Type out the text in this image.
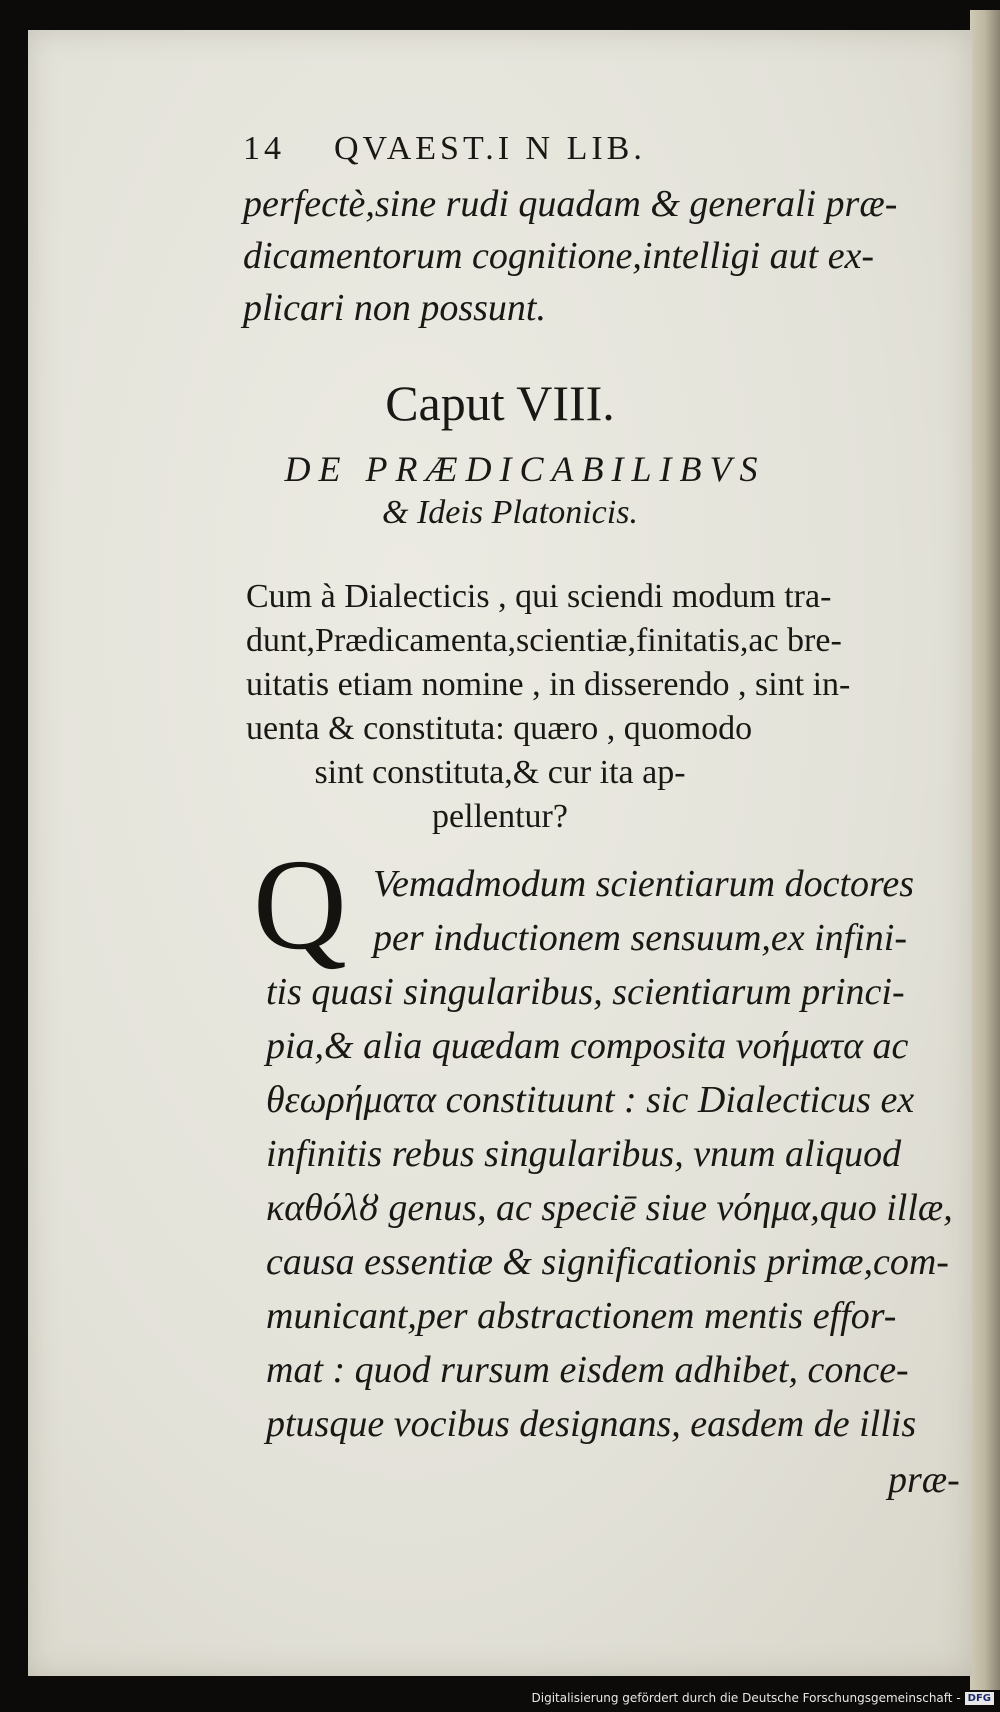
14 QVAEST.I N LIB.
perfectè,sine rudi quadam & generali præ-
dicamentorum cognitione,intelligi aut ex-
plicari non possunt.
Caput VIII.
DE PRÆDICABILIBVS
& Ideis Platonicis.
Cum à Dialecticis , qui sciendi modum tra-
dunt,Prædicamenta,scientiæ,finitatis,ac bre-
uitatis etiam nomine , in disserendo , sint in-
uenta & constituta: quæro , quomodo
sint constituta,& cur ita ap-
pellentur?
Q Vemadmodum scientiarum doctores
per inductionem sensuum,ex infini-
tis quasi singularibus, scientiarum princi-
pia,& alia quædam composita νοήματα ac
θεωρήματα constituunt : sic Dialecticus ex
infinitis rebus singularibus, vnum aliquod
καθόλȣ genus, ac speciē siue νόημα,quo illæ,
causa essentiæ & significationis primæ,com-
municant,per abstractionem mentis effor-
mat : quod rursum eisdem adhibet, conce-
ptusque vocibus designans, easdem de illis
præ-
Digitalisierung gefördert durch die Deutsche Forschungsgemeinschaft - DFG
